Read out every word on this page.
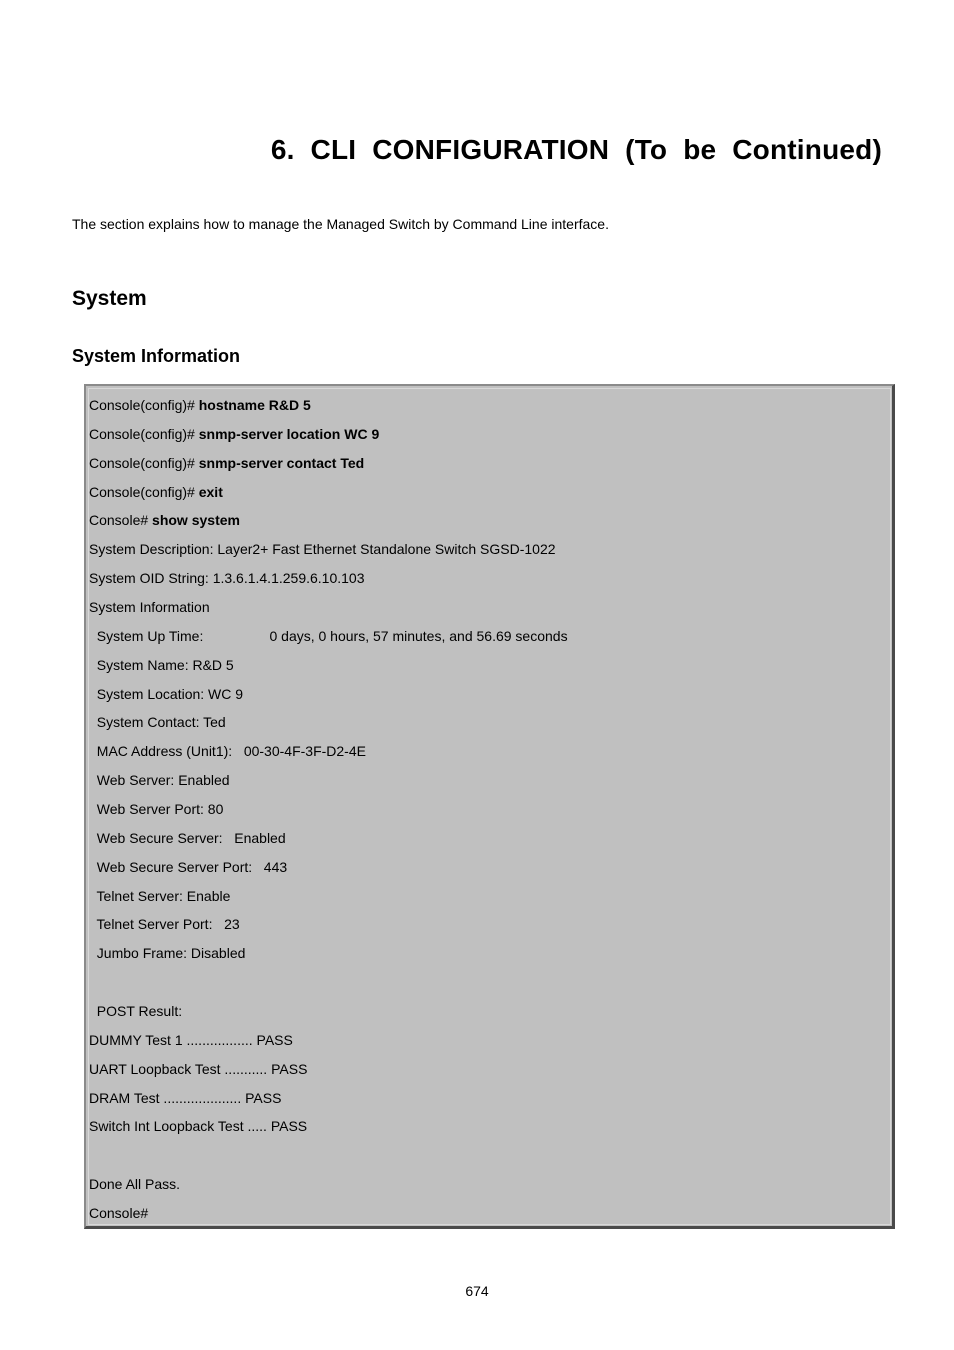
6. CLI CONFIGURATION (To be Continued)
The section explains how to manage the Managed Switch by Command Line interface.
System
System Information
Console(config)# hostname R&D 5
Console(config)# snmp-server location WC 9
Console(config)# snmp-server contact Ted
Console(config)# exit
Console# show system
System Description: Layer2+ Fast Ethernet Standalone Switch SGSD-1022
System OID String: 1.3.6.1.4.1.259.6.10.103
System Information
System Up Time:                 0 days, 0 hours, 57 minutes, and 56.69 seconds
System Name: R&D 5
System Location: WC 9
System Contact: Ted
MAC Address (Unit1):   00-30-4F-3F-D2-4E
Web Server: Enabled
Web Server Port: 80
Web Secure Server:   Enabled
Web Secure Server Port:   443
Telnet Server: Enable
Telnet Server Port:   23
Jumbo Frame: Disabled
POST Result:
DUMMY Test 1 ................. PASS
UART Loopback Test ........... PASS
DRAM Test .................... PASS
Switch Int Loopback Test ..... PASS
Done All Pass.
Console#
674
